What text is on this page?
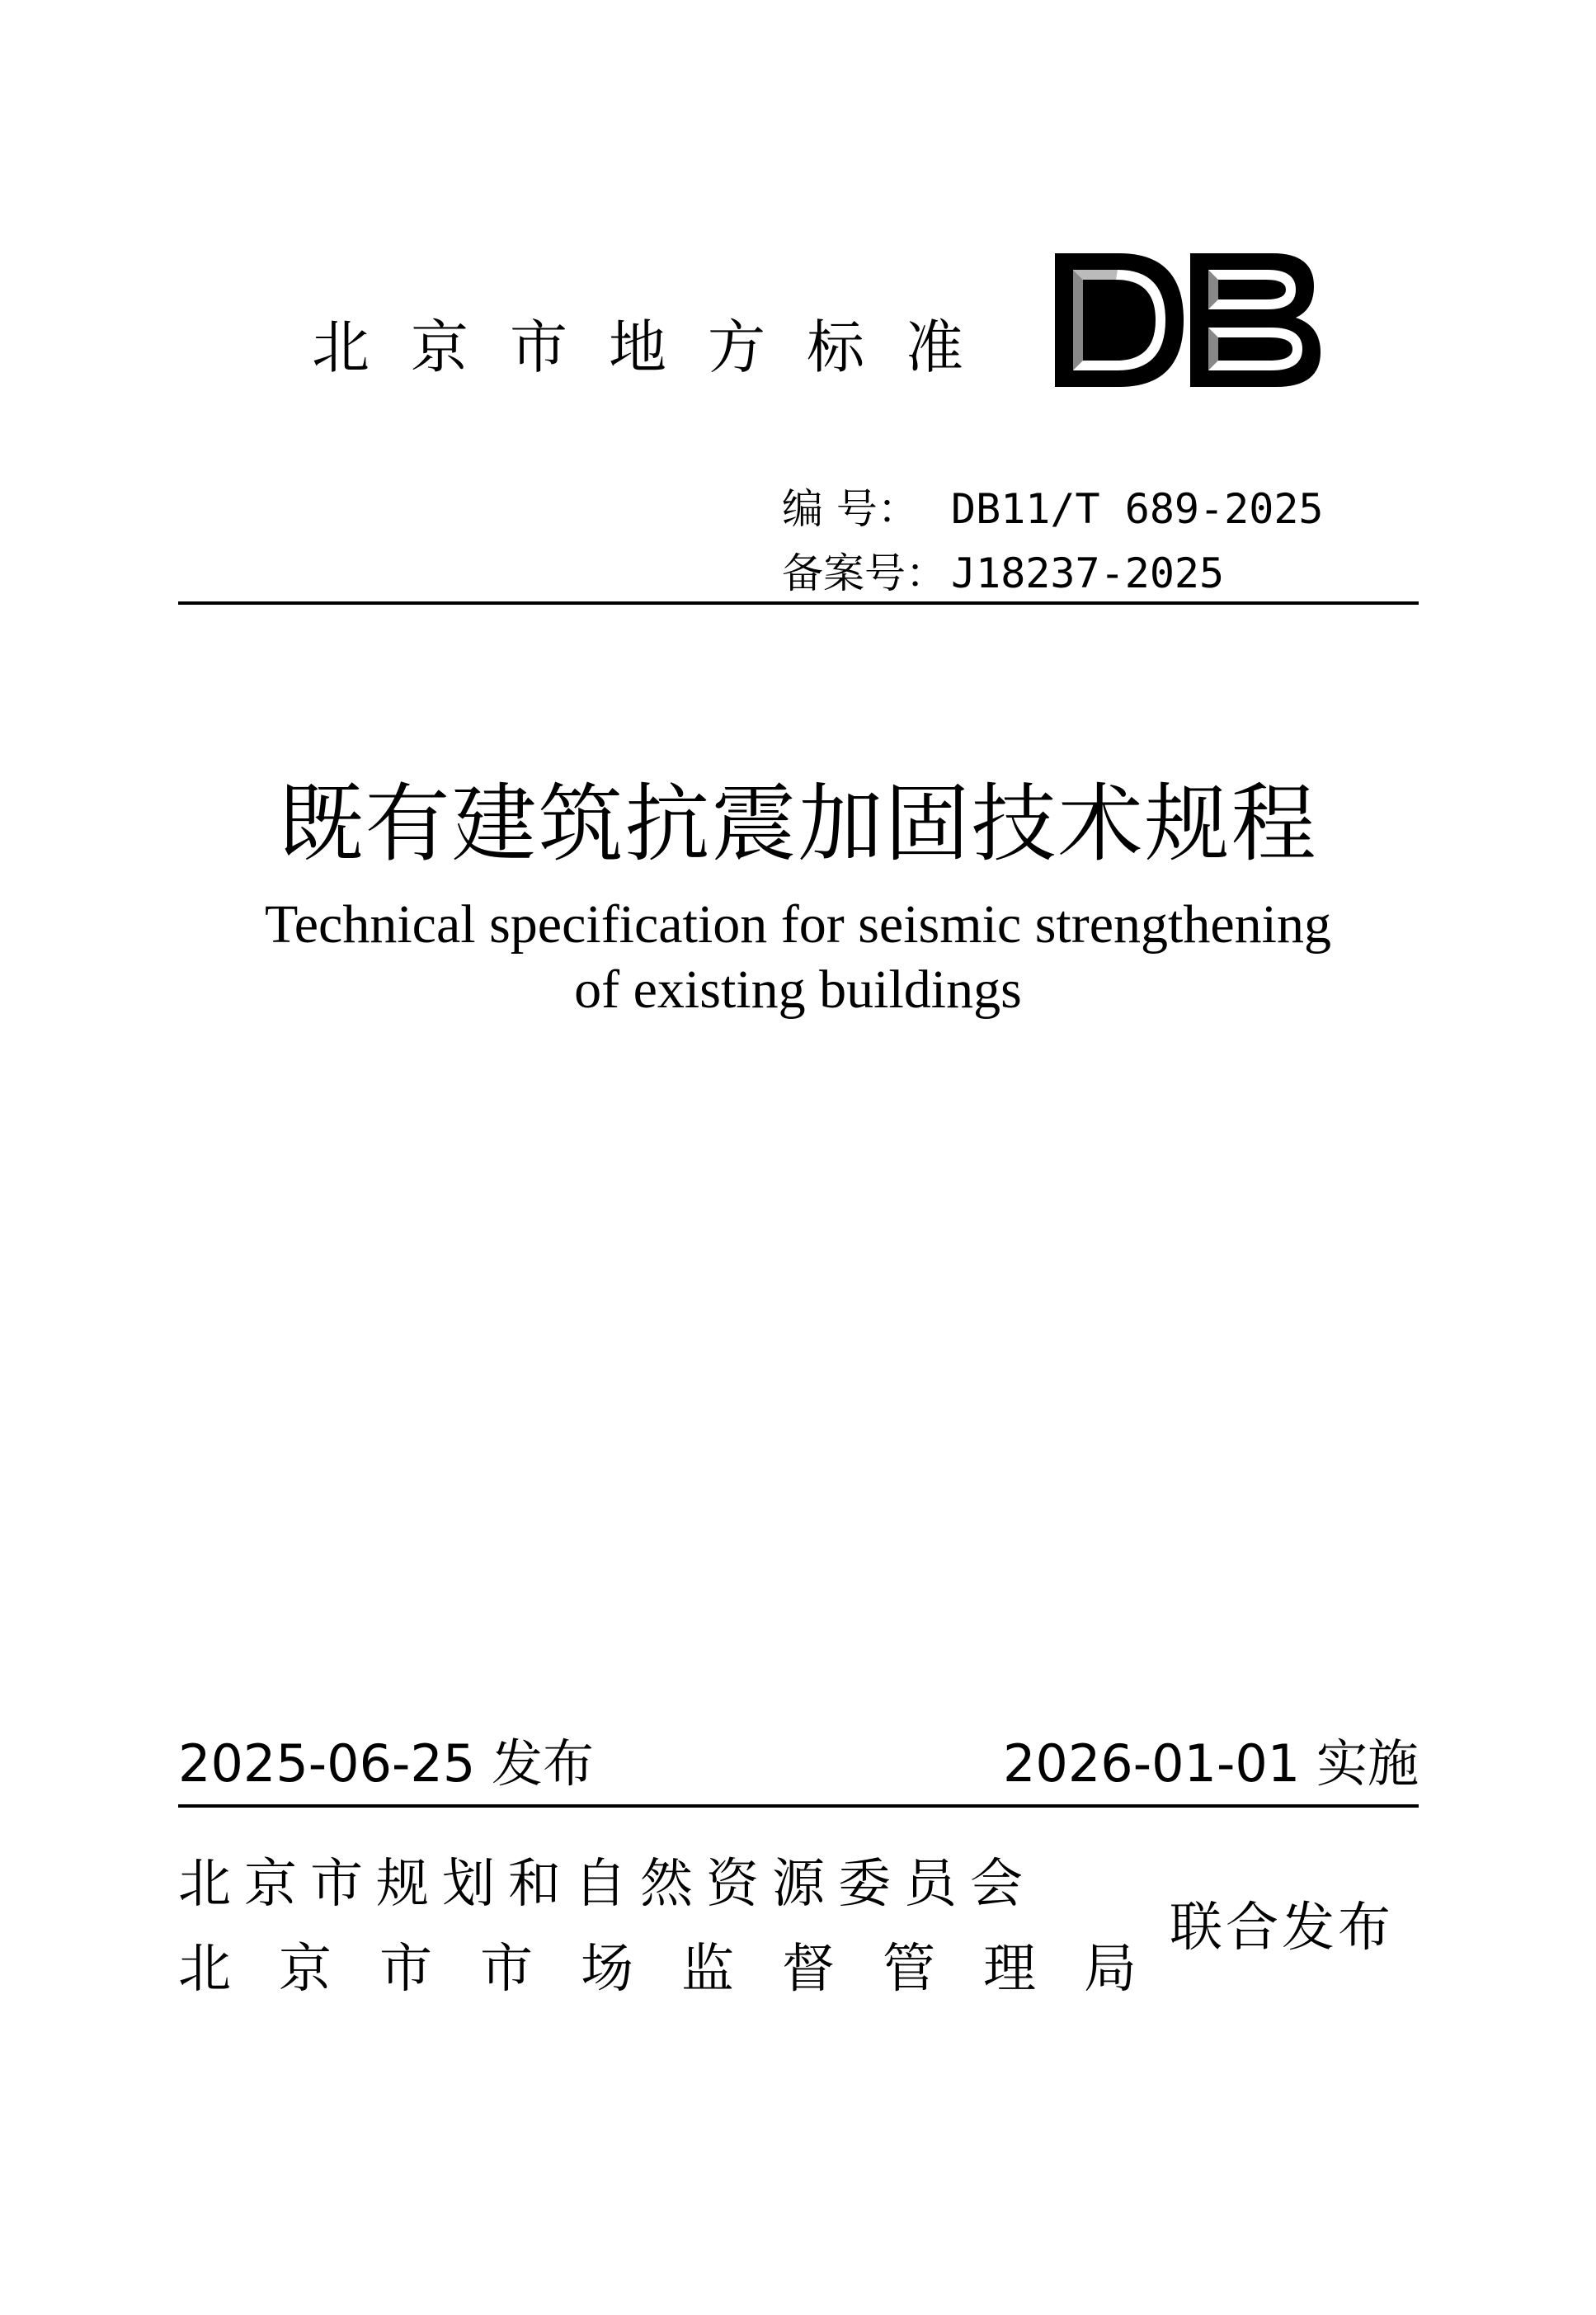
北京市地方标准
编 号： DB11/T 689-2025
备案号： J18237-2025
既有建筑抗震加固技术规程
Technical specification for seismic strengthening
of existing buildings
2025-06-25 发布	2026-01-01 实施
北京市规划和自然资源委员会
北京市市场监督管理局
联合发布
